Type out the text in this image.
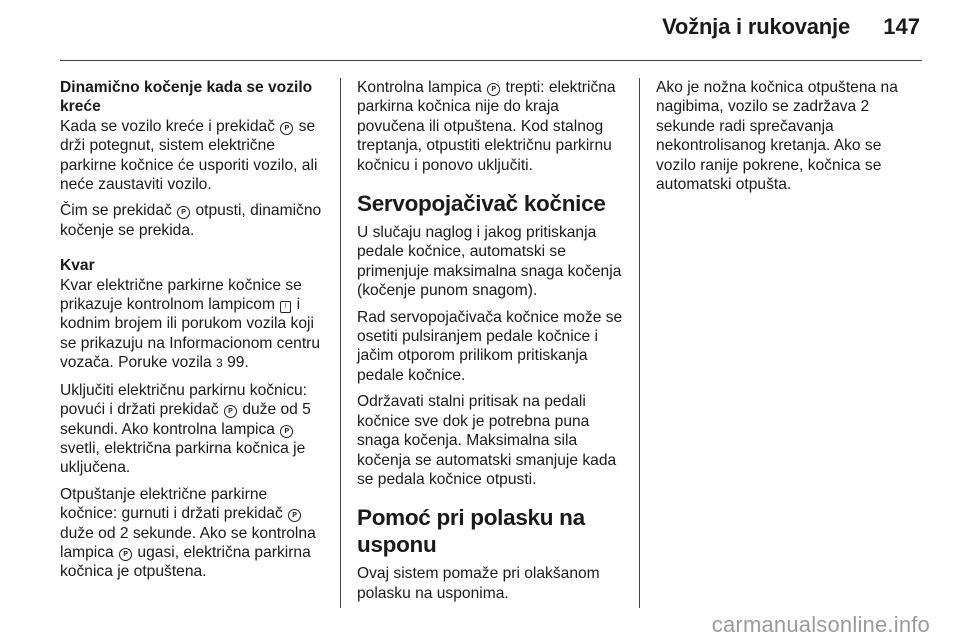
Vožnja i rukovanje 147

Dinamično kočenje kada se vozilo
kreće

Kada se vozilo kreće i prekidač P se drži potegnut, sistem električne parkirne kočnice će usporiti vozilo, ali neće zaustaviti vozilo.

Čim se prekidač P otpusti, dinamično kočenje se prekida.

Kvar

Kvar električne parkirne kočnice se prikazuje kontrolnom lampicom ! i kodnim brojem ili porukom vozila koji se prikazuju na Informacionom centru vozača. Poruke vozila 3 99.

Uključiti električnu parkirnu kočnicu: povući i držati prekidač P duže od 5 sekundi. Ako kontrolna lampica P svetli, električna parkirna kočnica je uključena.

Otpuštanje električne parkirne kočnice: gurnuti i držati prekidač P duže od 2 sekunde. Ako se kontrolna lampica P ugasi, električna parkirna kočnica je otpuštena.

Kontrolna lampica P trepti: električna parkirna kočnica nije do kraja povučena ili otpuštena. Kod stalnog treptanja, otpustiti električnu parkirnu kočnicu i ponovo uključiti.

Servopojačivač kočnice

U slučaju naglog i jakog pritiskanja pedale kočnice, automatski se primenjuje maksimalna snaga kočenja (kočenje punom snagom).

Rad servopojačivača kočnice može se osetiti pulsiranjem pedale kočnice i jačim otporom prilikom pritiskanja pedale kočnice.

Održavati stalni pritisak na pedali kočnice sve dok je potrebna puna snaga kočenja. Maksimalna sila kočenja se automatski smanjuje kada se pedala kočnice otpusti.

Pomoć pri polasku na usponu

Ovaj sistem pomaže pri olakšanom polasku na usponima.

Ako je nožna kočnica otpuštena na nagibima, vozilo se zadržava 2 sekunde radi sprečavanja nekontrolisanog kretanja. Ako se vozilo ranije pokrene, kočnica se automatski otpušta.

carmanualsonline.info
